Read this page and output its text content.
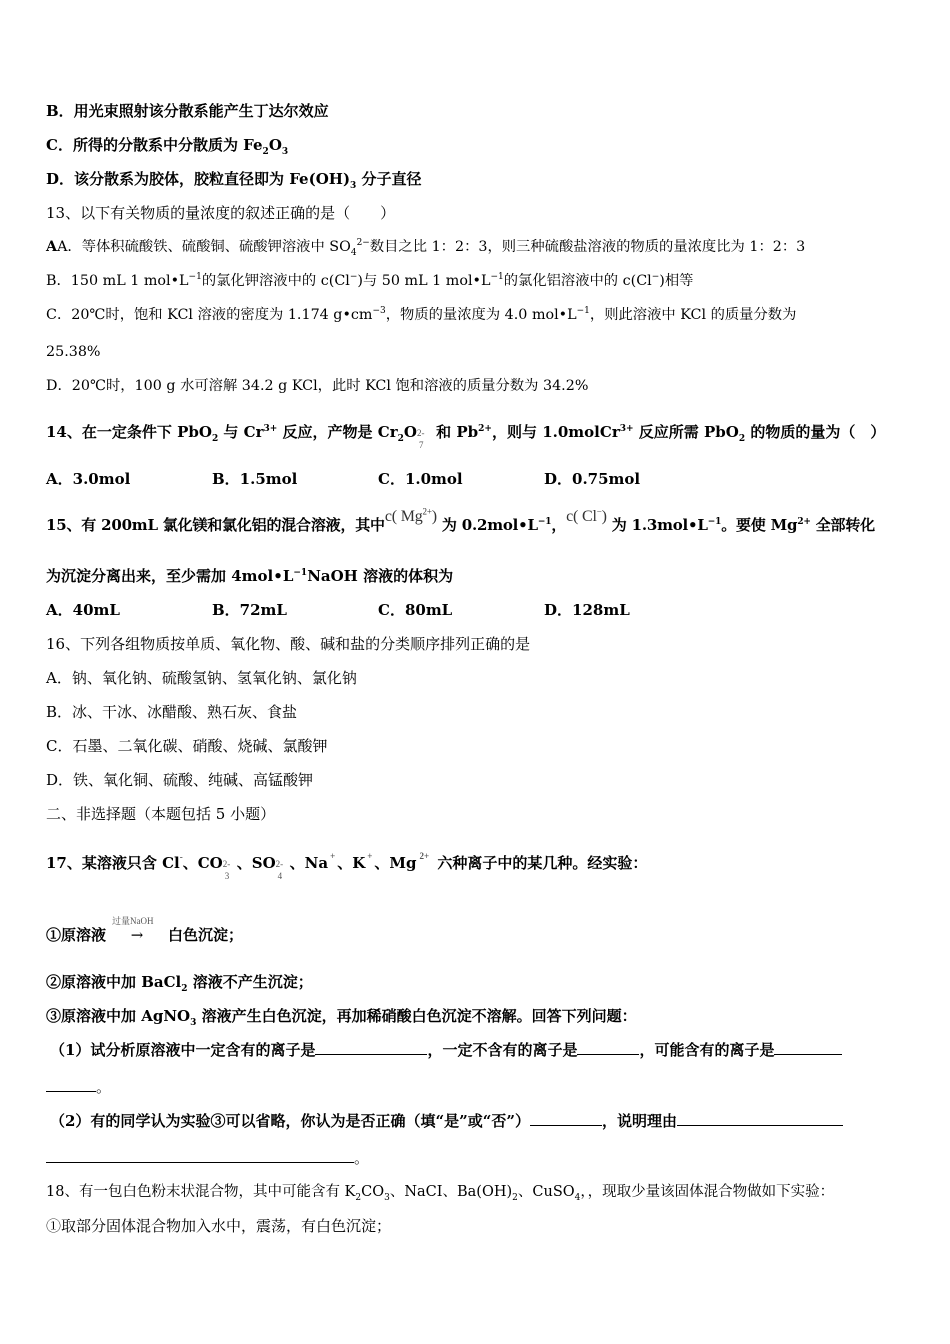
B．用光束照射该分散系能产生丁达尔效应
C．所得的分散系中分散质为 $Fe_2O_3$
D．该分散系为胶体，胶粒直径即为 $Fe(OH)_3$ 分子直径
13、以下有关物质的量浓度的叙述正确的是（　　）
AA．等体积硫酸铁、硫酸铜、硫酸钾溶液中 $SO_4^{2-}$数目之比 1：2：3，则三种硫酸盐溶液的物质的量浓度比为 1：2：3
B．150 mL 1 $mol•L^{-1}$的氯化钾溶液中的 c(Cl−)与 50 mL 1 $mol•L^{-1}$的氯化铝溶液中的 c(Cl−)相等
C．20℃时，饱和 KCl 溶液的密度为 1.174 $g•cm^{-3}$，物质的量浓度为 4.0 $mol•L^{-1}$，则此溶液中 KCl 的质量分数为
25.38%
D．20℃时，100 g 水可溶解 34.2 g KCl，此时 KCl 饱和溶液的质量分数为 34.2%
14、在一定条件下 PbO$_2$ 与 $Cr^{3+}$ 反应，产物是 $Cr_2O$ 2-
7
和 $Pb^{2+}$，则与 1.0molCr$^{3+}$ 反应所需 PbO$_2$ 的物质的量为（　）
A．3.0mol	B．1.5mol	C．1.0mol	D．0.75mol
15、有 200mL 氯化镁和氯化铝的混合溶液，其中c( $Mg^{2+}$) 为 $0.2mol•L^{-1}$，c( Cl−) 为 $1.3mol•L^{-1}$。要使 $Mg^{2+}$ 全部转化
为沉淀分离出来，至少需加 $4mol•L^{-1}NaOH$ 溶液的体积为
A．40mL	B．72mL	C．80mL	D．128mL
16、下列各组物质按单质、氧化物、酸、碱和盐的分类顺序排列正确的是
A．钠、氧化钠、硫酸氢钠、氢氧化钠、氯化钠
B．冰、干冰、冰醋酸、熟石灰、食盐
C．石墨、二氧化碳、硝酸、烧碱、氯酸钾
D．铁、氧化铜、硫酸、纯碱、高锰酸钾
二、非选择题（本题包括 5 小题）
17、某溶液只含 Cl-、CO 2-
3
、SO 2-
4
、Na + 、K + 、Mg $^{2+}$ 六种离子中的某几种。经实验：
①原溶液
过量NaOH
→ 白色沉淀；
②原溶液中加 BaCl$_2$ 溶液不产生沉淀；
③原溶液中加 AgNO$_3$ 溶液产生白色沉淀，再加稀硝酸白色沉淀不溶解。回答下列问题：
（1）试分析原溶液中一定含有的离子是	，一定不含有的离子是	，可能含有的离子是
。
（2）有的同学认为实验③可以省略，你认为是否正确（填“是”或“否”）	，说明理由
。
18、有一包白色粉末状混合物，其中可能含有 $K_2CO_3$、NaCI、$Ba(OH)_2$、CuSO$_4$，，现取少量该固体混合物做如下实验：
①取部分固体混合物加入水中，震荡，有白色沉淀；
